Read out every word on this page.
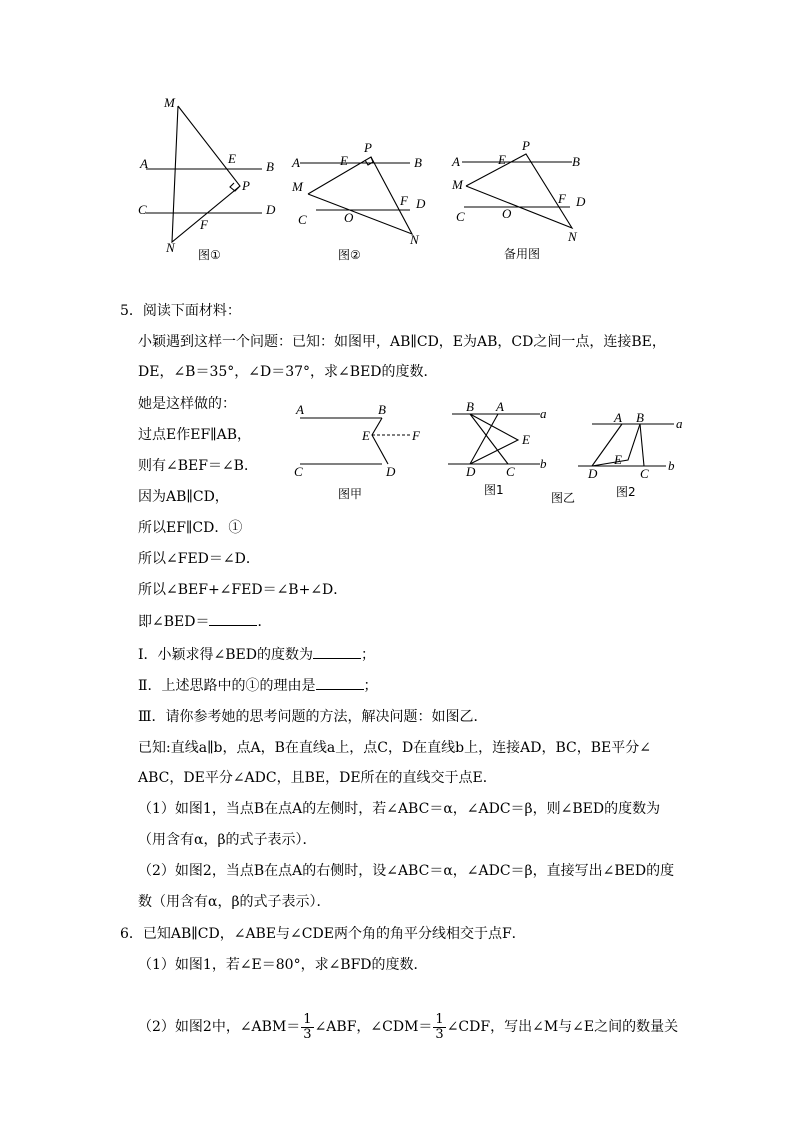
M
A	E
B
P
C	D
F
N 图①
P
A	E	B
M
F D
C	O
N
图②
P
A	E	B
M
F D
C	O
N
备用图
5．阅读下面材料：
小颖遇到这样一个问题：已知：如图甲，AB∥CD，E为AB，CD之间一点，连接BE，
DE，∠B＝35°，∠D＝37°，求∠BED的度数．
她是这样做的：
过点E作EF∥AB，
则有∠BEF＝∠B．
因为AB∥CD，
所以EF∥CD．①
所以∠FED＝∠D．
所以∠BEF+∠FED＝∠B+∠D．
即∠BED＝	．
Ⅰ．小颖求得∠BED的度数为	；
Ⅱ．上述思路中的①的理由是	；
Ⅲ．请你参考她的思考问题的方法，解决问题：如图乙．
已知:直线a∥b，点A，B在直线a上，点C，D在直线b上，连接AD，BC，BE平分∠
ABC，DE平分∠ADC，且BE，DE所在的直线交于点E．
（1）如图1，当点B在点A的左侧时，若∠ABC＝α，∠ADC＝β，则∠BED的度数为
（用含有α，β的式子表示）．
（2）如图2，当点B在点A的右侧时，设∠ABC＝α，∠ADC＝β，直接写出∠BED的度
数（用含有α，β的式子表示）．
A	B
E	F
C	D
图甲
B A	a
E
D C
b
图1
图乙
A B a
E
D	C
b
图2
6．已知AB∥CD，∠ABE与∠CDE两个角的角平分线相交于点F．
（1）如图1，若∠E＝80°，求∠BFD的度数．
（2）如图2中，∠ABM＝ $\frac{1}{3}$ ∠ABF，∠CDM＝ $\frac{1}{3}$ ∠CDF，写出∠M与∠E之间的数量关
